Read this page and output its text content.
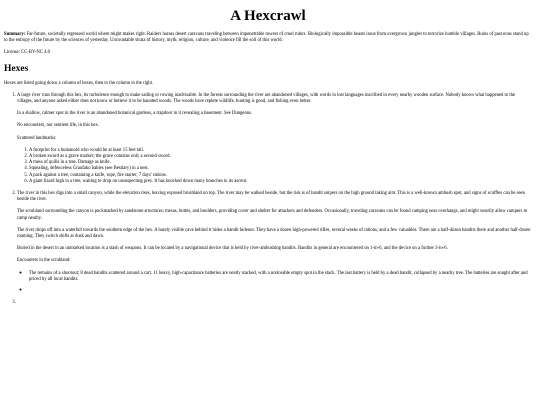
A Hexcrawl

Summary: Far-future, societally regressed world where might makes right. Raiders harass desert caravans traveling between impenetrable towers of cruel rulers. Biologically impossible beasts issue from overgrown jungles to terrorize humble villages. Ruins of past eons stand up to the entropy of the future by the sciences of yesterday. Uncountable strata of history, myth, religion, culture, and violence fill the soil of this world.

License: CC-BY-NC 4.0

Hexes

Hexes are listed going down a column of hexes, then to the column to the right.

1. A large river runs through this hex, its turbulence enough to make sailing or rowing inadvisable. In the forests surrounding the river are abandoned villages, with words in lost languages inscribed in every nearby wooden surface. Nobody knows what happened to the villages, and anyone asked either does not know or believe it to be haunted woods. The woods have replete wildlife, hunting is good, and fishing even better.

In a shallow, calmer spot in the river is an abandoned botanical gardens, a trapdoor in it revealing a basement. See Dungeons.

No encounters, nor sentient life, in this hex.

Scattered landmarks:

1. A footprint for a humanoid who would be at least 15 feet tall.
2. A broken sword as a grave marker; the grave contains only a second sword.
3. A mess of quills in a tree. Damage as knife.
4. Squealing, defenceless Graufako babies (see Bestiary) in a nest.
5. A pack against a tree, containing a knife, rope, fire starter, 7 days' rations.
6. A giant lizard high in a tree, waiting to drop on unsuspecting prey. It has knocked down many branches in its ascent.

2. The river in this hex digs into a small canyon, while the elevation rises, leaving exposed brushland on top. The river may be walked beside, but the risk is of bandit snipers on the high ground taking aim. This is a well-known ambush spot, and signs of scuffles can be seen beside the river.

The scrubland surrounding the canyon is pockmarked by sandstone structures; mesas, buttes, and boulders, providing cover and shelter for attackers and defenders. Occasionally, traveling caravans can be found camping near overhangs, and might wearily allow campers to camp nearby.

The river drops off into a waterfall towards the southern edge of the hex. A barely visible cave behind it hides a bandit hideout. They have a dozen high-powered rifles, several weeks of rations, and a few valuables. There are a half-dozen bandits there and another half-dozen roaming. They switch shifts at dusk and dawn.

Buried in the desert in an unmarked location is a stash of weapons. It can be located by a navigational device that is held by river-ambushing bandits. Bandits in general are encountered on 1-in-6, and the device on a further 3-in-6.

Encounters in the scrubland:

◦ The remains of a shootout; 8 dead bandits scattered around a cart. 11 heavy, high-capacitance batteries are neatly stacked, with a noticeable empty spot in the stack. The last battery is held by a dead bandit, collapsed by a nearby tree. The batteries are sought after and priced by all local bandits.
◦
3.
